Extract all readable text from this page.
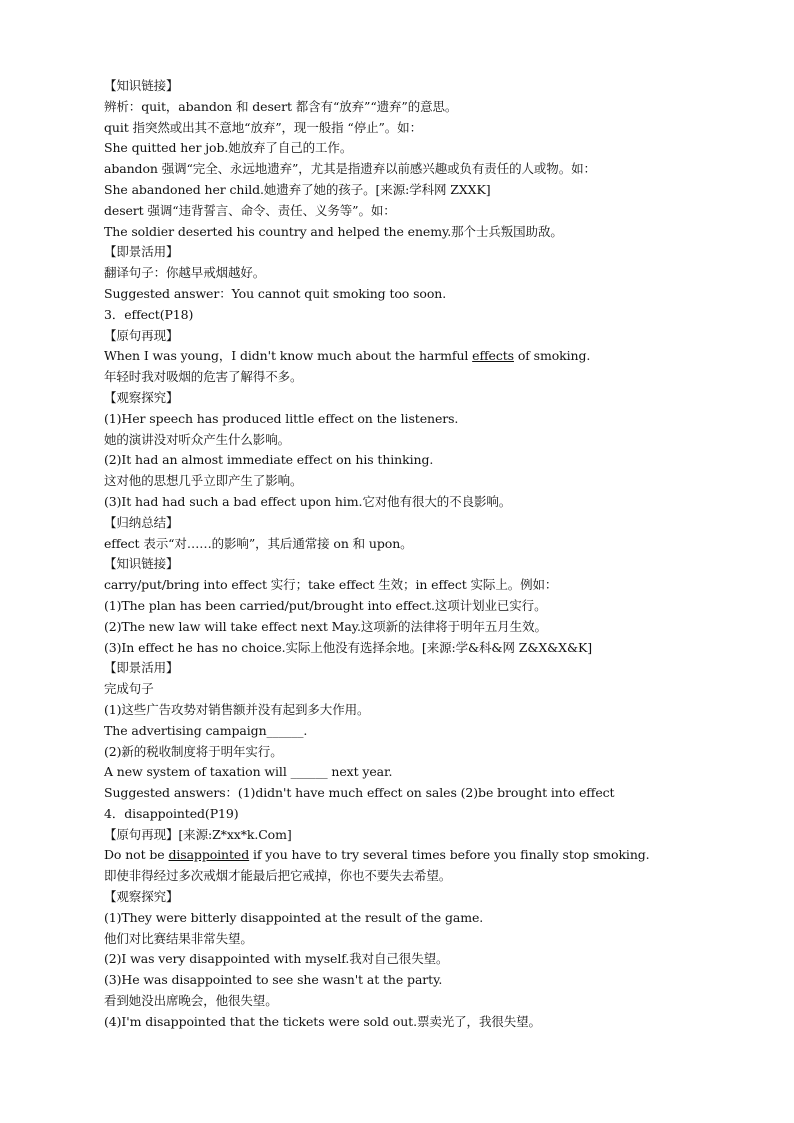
【知识链接】
辨析：quit，abandon 和 desert 都含有“放弃”“遗弃”的意思。
quit 指突然或出其不意地“放弃”，现一般指 “停止”。如：
She quitted her job.她放弃了自己的工作。
abandon 强调“完全、永远地遗弃”，尤其是指遗弃以前感兴趣或负有责任的人或物。如：
She abandoned her child.她遗弃了她的孩子。[来源:学科网 ZXXK]
desert 强调“违背誓言、命令、责任、义务等”。如：
The soldier deserted his country and helped the enemy.那个士兵叛国助敌。
【即景活用】
翻译句子：你越早戒烟越好。
Suggested answer：You cannot quit smoking too soon.
3．effect(P18)
【原句再现】
When I was young，I didn't know much about the harmful effects of smoking.
年轻时我对吸烟的危害了解得不多。
【观察探究】
(1)Her speech has produced little effect on the listeners.
她的演讲没对听众产生什么影响。
(2)It had an almost immediate effect on his thinking.
这对他的思想几乎立即产生了影响。
(3)It had had such a bad effect upon him.它对他有很大的不良影响。
【归纳总结】
effect 表示“对……的影响”，其后通常接 on 和 upon。
【知识链接】
carry/put/bring into effect 实行；take effect 生效；in effect 实际上。例如：
(1)The plan has been carried/put/brought into effect.这项计划业已实行。
(2)The new law will take effect next May.这项新的法律将于明年五月生效。
(3)In effect he has no choice.实际上他没有选择余地。[来源:学&科&网 Z&X&X&K]
【即景活用】
完成句子
(1)这些广告攻势对销售额并没有起到多大作用。
The advertising campaign______.
(2)新的税收制度将于明年实行。
A new system of taxation will ______ next year.
Suggested answers：(1)didn't have much effect on sales (2)be brought into effect
4．disappointed(P19)
【原句再现】[来源:Z*xx*k.Com]
Do not be disappointed if you have to try several times before you finally stop smoking.
即使非得经过多次戒烟才能最后把它戒掉，你也不要失去希望。
【观察探究】
(1)They were bitterly disappointed at the result of the game.
他们对比赛结果非常失望。
(2)I was very disappointed with myself.我对自己很失望。
(3)He was disappointed to see she wasn't at the party.
看到她没出席晚会，他很失望。
(4)I'm disappointed that the tickets were sold out.票卖光了，我很失望。
